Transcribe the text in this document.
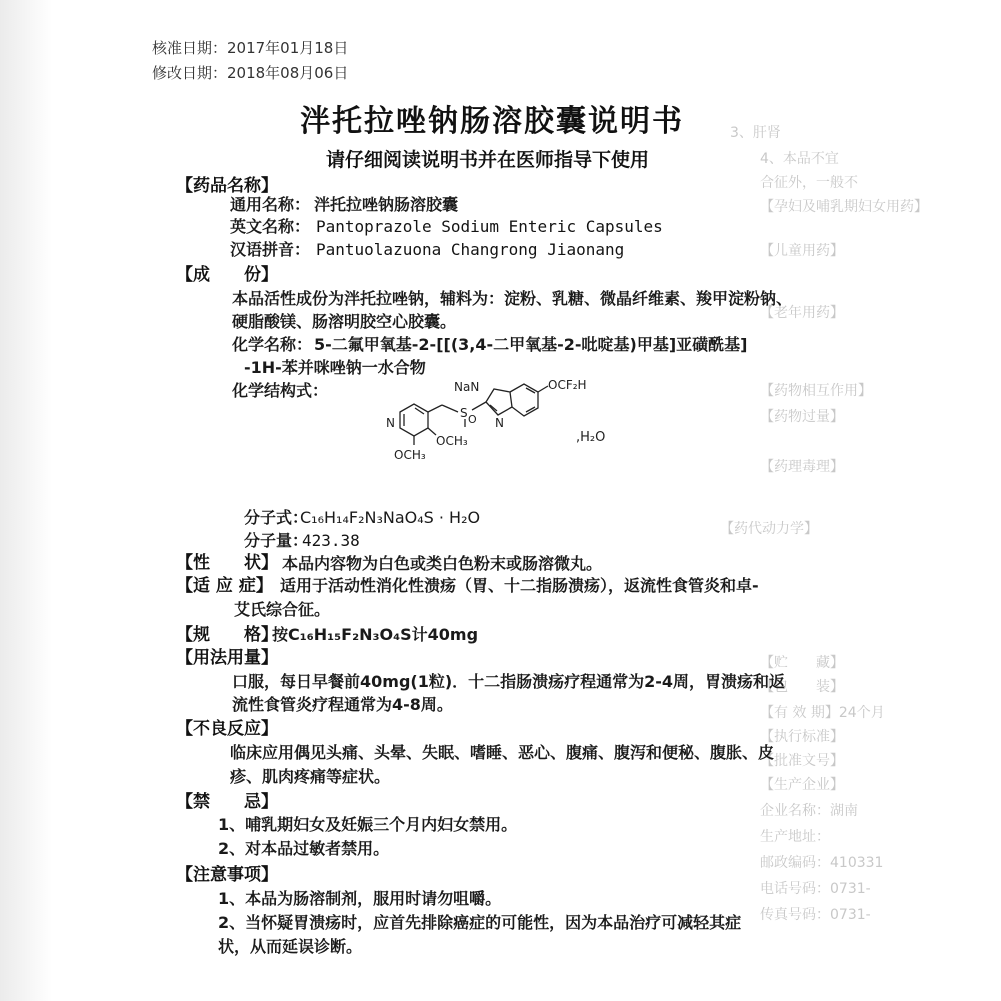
3、肝肾
4、本品不宜
合征外，一般不
【孕妇及哺乳期妇女用药】
【儿童用药】
【老年用药】
【药物相互作用】
【药物过量】
【药理毒理】
【药代动力学】
【贮　　藏】
【包　　装】
【有 效 期】24个月
【执行标准】
【批准文号】
【生产企业】
企业名称：湖南
生产地址：
邮政编码：410331
电话号码：0731-
传真号码：0731-
核准日期：2017年01月18日
修改日期：2018年08月06日
泮托拉唑钠肠溶胶囊说明书
请仔细阅读说明书并在医师指导下使用
【药品名称】
通用名称： 泮托拉唑钠肠溶胶囊
英文名称： Pantoprazole Sodium Enteric Capsules
汉语拼音： Pantuolazuona Changrong Jiaonang
【成　　份】
本品活性成份为泮托拉唑钠，辅料为：淀粉、乳糖、微晶纤维素、羧甲淀粉钠、
硬脂酸镁、肠溶明胶空心胶囊。
化学名称： 5-二氟甲氧基-2-[[(3,4-二甲氧基-2-吡啶基)甲基]亚磺酰基]
-1H-苯并咪唑钠一水合物
化学结构式：	OCF₂H
NaN
N
S O
N
OCH₃
OCH₃
,H₂O
分子式：
C₁₆H₁₄F₂N₃NaO₄S · H₂O
分子量：
423.38
【性　　状】 本品内容物为白色或类白色粉末或肠溶微丸。
【适 应 症】 适用于活动性消化性溃疡（胃、十二指肠溃疡），返流性食管炎和卓-
艾氏综合征。
【规　　格】
按C₁₆H₁₅F₂N₃O₄S计40mg
【用法用量】
口服，每日早餐前40mg(1粒)．十二指肠溃疡疗程通常为2-4周，胃溃疡和返
流性食管炎疗程通常为4-8周。
【不良反应】
临床应用偶见头痛、头晕、失眠、嗜睡、恶心、腹痛、腹泻和便秘、腹胀、皮
疹、肌肉疼痛等症状。
【禁　　忌】
1、哺乳期妇女及妊娠三个月内妇女禁用。
2、对本品过敏者禁用。
【注意事项】
1、本品为肠溶制剂，服用时请勿咀嚼。
2、当怀疑胃溃疡时，应首先排除癌症的可能性，因为本品治疗可减轻其症
状，从而延误诊断。
